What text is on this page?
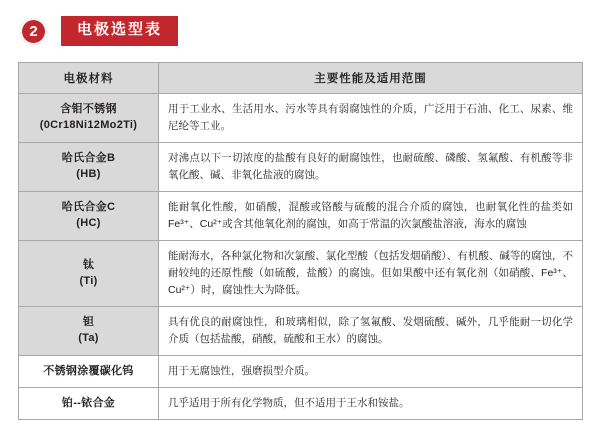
2	电极选型表
电极材料	主要性能及适用范围
含钼不锈钢
(0Cr18Ni12Mo2Ti)	用于工业水、生活用水、污水等具有弱腐蚀性的介质，广泛用于石油、化工、尿素、维尼纶等工业。
哈氏合金B
(HB)	对沸点以下一切浓度的盐酸有良好的耐腐蚀性，也耐硫酸、磷酸、氢氟酸、有机酸等非氧化酸、碱、非氧化盐液的腐蚀。
哈氏合金C
(HC)	能耐氧化性酸，如硝酸，混酸或铬酸与硫酸的混合介质的腐蚀，也耐氧化性的盐类如Fe³⁺、Cu²⁺或含其他氧化剂的腐蚀，如高于常温的次氯酸盐溶液，海水的腐蚀
钛
(Ti)	能耐海水，各种氯化物和次氯酸、氯化型酸（包括发烟硝酸）、有机酸、碱等的腐蚀，不耐较纯的还原性酸（如硫酸，盐酸）的腐蚀。但如果酸中还有氧化剂（如硝酸、Fe³⁺、Cu²⁺）时，腐蚀性大为降低。
钽
(Ta)	具有优良的耐腐蚀性，和玻璃相似，除了氢氟酸、发烟硫酸、碱外，几乎能耐一切化学介质（包括盐酸，硝酸，硫酸和王水）的腐蚀。
不锈钢涂覆碳化钨	用于无腐蚀性，强磨损型介质。
铂--铱合金	几乎适用于所有化学物质，但不适用于王水和铵盐。
